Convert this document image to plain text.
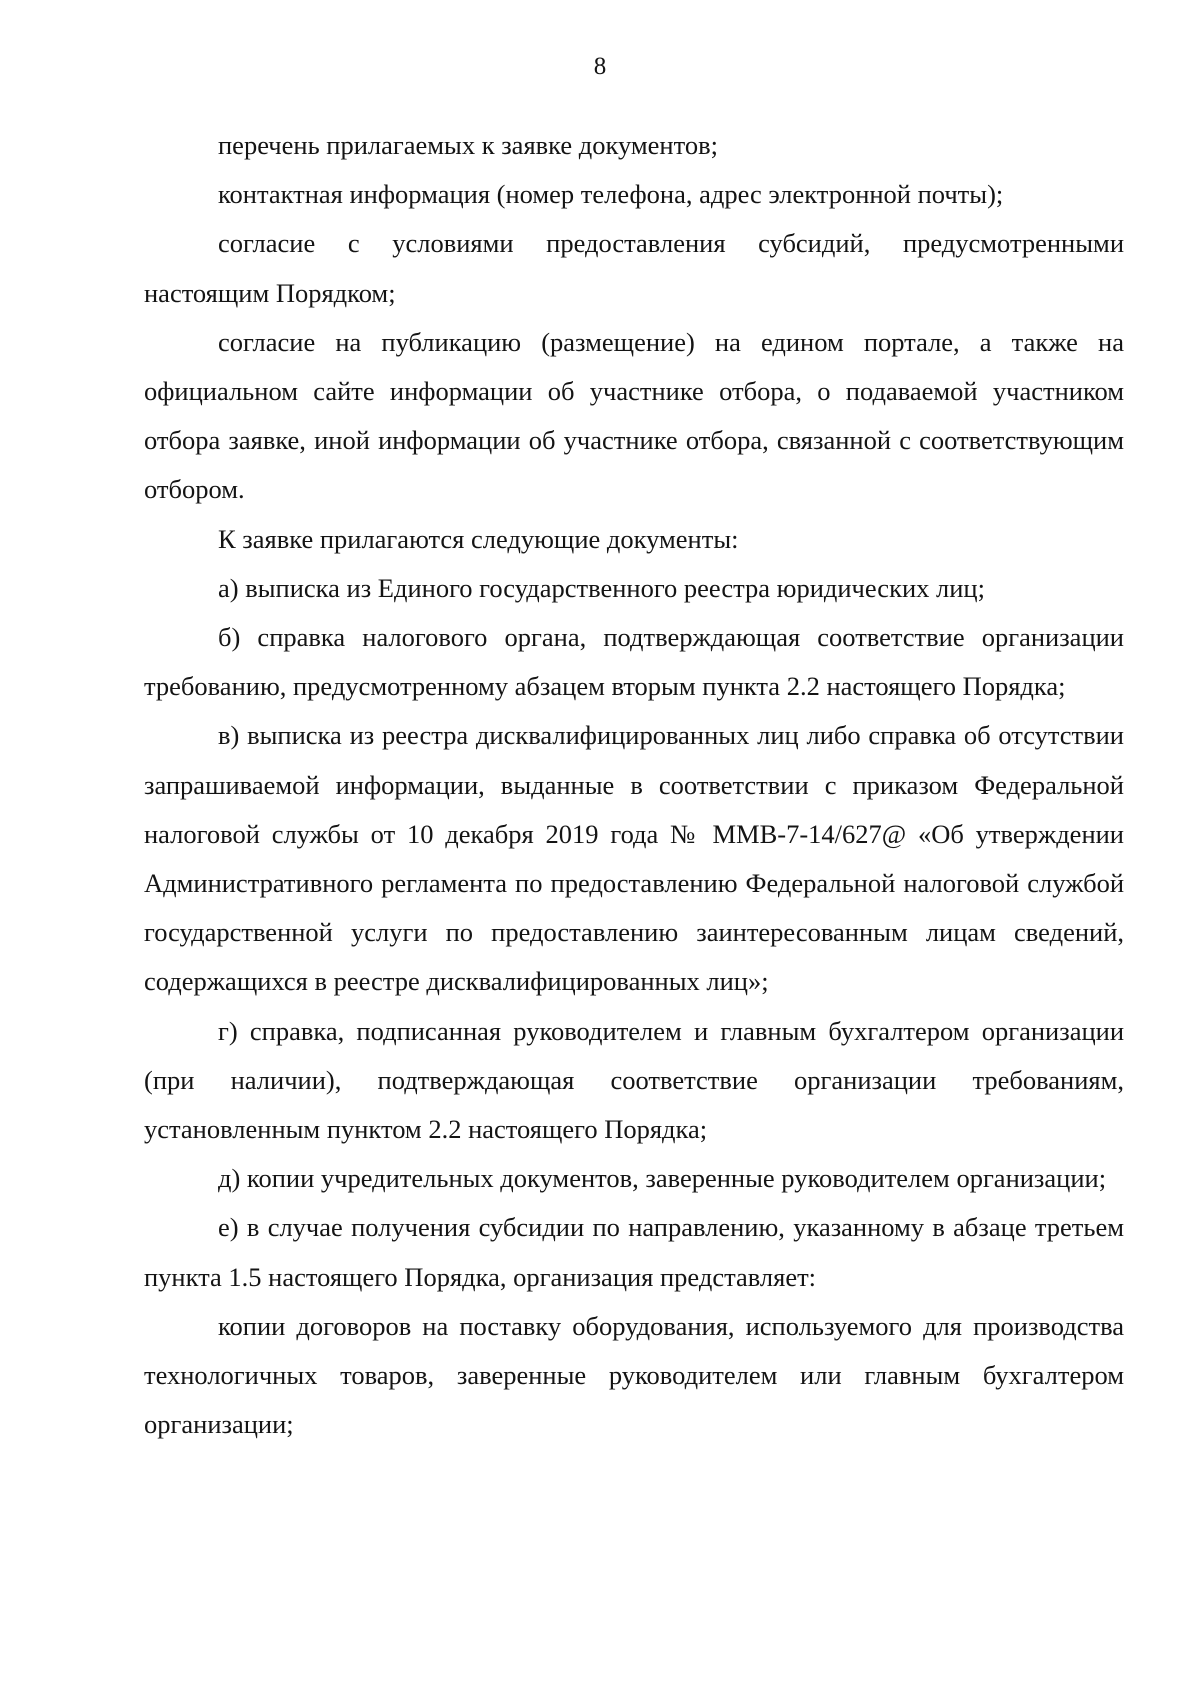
8

перечень прилагаемых к заявке документов;

контактная информация (номер телефона, адрес электронной почты);

согласие с условиями предоставления субсидий, предусмотренными настоящим Порядком;

согласие на публикацию (размещение) на едином портале, а также на официальном сайте информации об участнике отбора, о подаваемой участником отбора заявке, иной информации об участнике отбора, связанной с соответствующим отбором.

К заявке прилагаются следующие документы:

а) выписка из Единого государственного реестра юридических лиц;

б) справка налогового органа, подтверждающая соответствие организации требованию, предусмотренному абзацем вторым пункта 2.2 настоящего Порядка;

в) выписка из реестра дисквалифицированных лиц либо справка об отсутствии запрашиваемой информации, выданные в соответствии с приказом Федеральной налоговой службы от 10 декабря 2019 года № ММВ-7-14/627@ «Об утверждении Административного регламента по предоставлению Федеральной налоговой службой государственной услуги по предоставлению заинтересованным лицам сведений, содержащихся в реестре дисквалифицированных лиц»;

г) справка, подписанная руководителем и главным бухгалтером организации (при наличии), подтверждающая соответствие организации требованиям, установленным пунктом 2.2 настоящего Порядка;

д) копии учредительных документов, заверенные руководителем организации;

е) в случае получения субсидии по направлению, указанному в абзаце третьем пункта 1.5 настоящего Порядка, организация представляет:

копии договоров на поставку оборудования, используемого для производства технологичных товаров, заверенные руководителем или главным бухгалтером организации;
